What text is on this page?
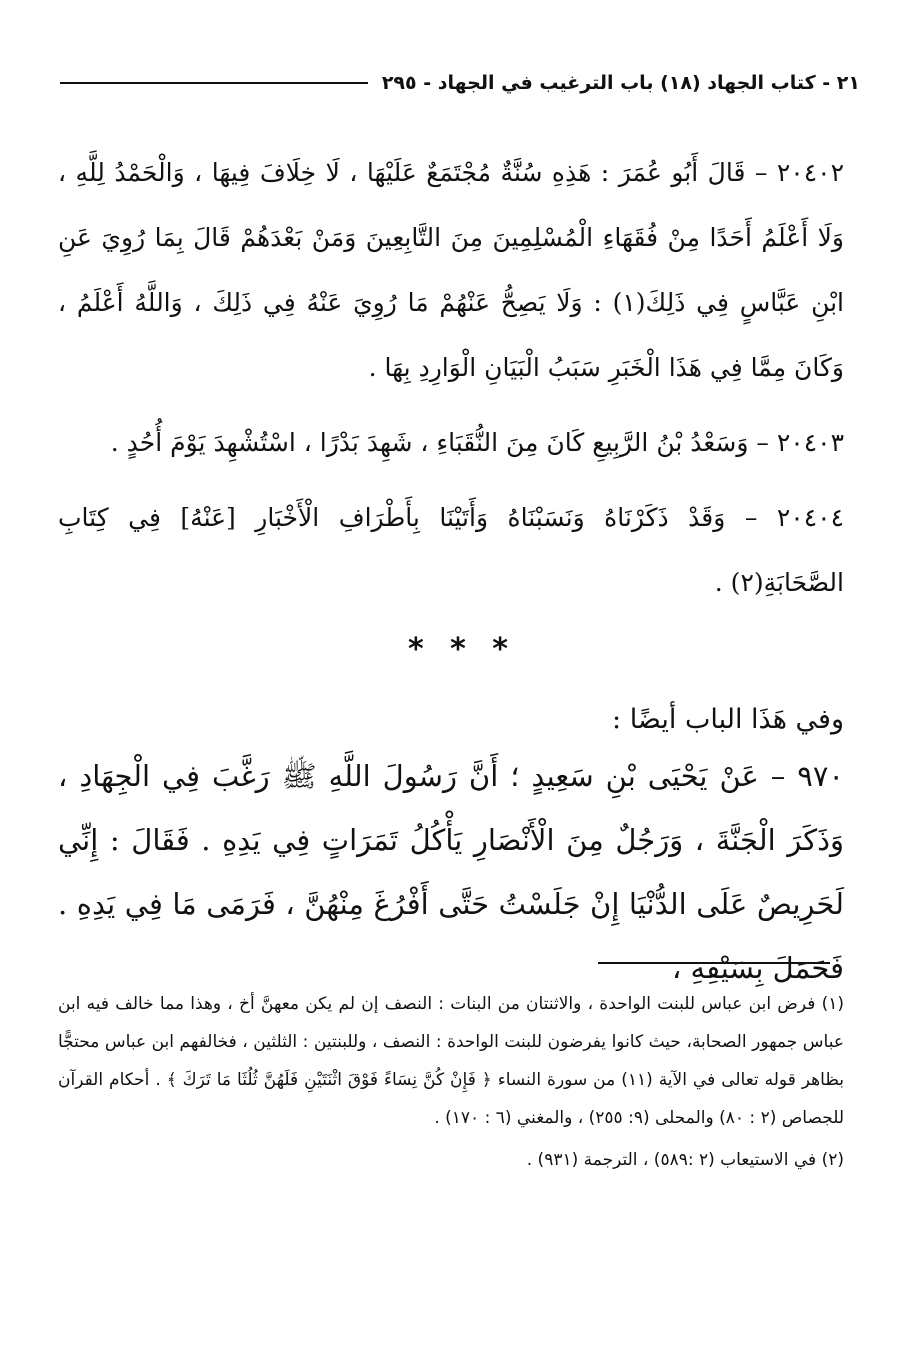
٢١ - كتاب الجهاد (١٨) باب الترغيب في الجهاد - ٢٩٥

٢٠٤٠٢ – قَالَ أَبُو عُمَرَ : هَذِهِ سُنَّةٌ مُجْتَمَعٌ عَلَيْهَا ، لَا خِلَافَ فِيهَا ، وَالْحَمْدُ لِلَّهِ ، وَلَا أَعْلَمُ أَحَدًا مِنْ فُقَهَاءِ الْمُسْلِمِينَ مِنَ التَّابِعِينَ وَمَنْ بَعْدَهُمْ قَالَ بِمَا رُوِيَ عَنِ ابْنِ عَبَّاسٍ فِي ذَلِكَ(١) : وَلَا يَصِحُّ عَنْهُمْ مَا رُوِيَ عَنْهُ فِي ذَلِكَ ، وَاللَّهُ أَعْلَمُ ، وَكَانَ مِمَّا فِي هَذَا الْخَبَرِ سَبَبُ الْبَيَانِ الْوَارِدِ بِهَا .

٢٠٤٠٣ – وَسَعْدُ بْنُ الرَّبِيعِ كَانَ مِنَ النُّقَبَاءِ ، شَهِدَ بَدْرًا ، اسْتُشْهِدَ يَوْمَ أُحُدٍ .

٢٠٤٠٤ – وَقَدْ ذَكَرْنَاهُ وَنَسَبْنَاهُ وَأَتَيْنَا بِأَطْرَافِ الْأَخْبَارِ [عَنْهُ] فِي كِتَابِ الصَّحَابَةِ(٢) .

* * *
وفي هَذَا الباب أيضًا :

٩٧٠ – عَنْ يَحْيَى بْنِ سَعِيدٍ ؛ أَنَّ رَسُولَ اللَّهِ ﷺ رَغَّبَ فِي الْجِهَادِ ، وَذَكَرَ الْجَنَّةَ ، وَرَجُلٌ مِنَ الْأَنْصَارِ يَأْكُلُ تَمَرَاتٍ فِي يَدِهِ . فَقَالَ : إِنِّي لَحَرِيصٌ عَلَى الدُّنْيَا إِنْ جَلَسْتُ حَتَّى أَفْرُغَ مِنْهُنَّ ، فَرَمَى مَا فِي يَدِهِ . فَحَمَلَ بِسَيْفِهِ ،

(١) فرض ابن عباس للبنت الواحدة ، والاثنتان من البنات : النصف إن لم يكن معهنَّ أخ ، وهذا مما خالف فيه ابن عباس جمهور الصحابة، حيث كانوا يفرضون للبنت الواحدة : النصف ، وللبنتين : الثلثين ، فخالفهم ابن عباس محتجًّا بظاهر قوله تعالى في الآية (١١) من سورة النساء ﴿ فَإِنْ كُنَّ نِسَاءً فَوْقَ اثْنَتَيْنِ فَلَهُنَّ ثُلُثَا مَا تَرَكَ ﴾ . أحكام القرآن للجصاص (٢ : ٨٠) والمحلى (٩: ٢٥٥) ، والمغني (٦ : ١٧٠) .

(٢) في الاستيعاب (٢ :٥٨٩) ، الترجمة (٩٣١) .
